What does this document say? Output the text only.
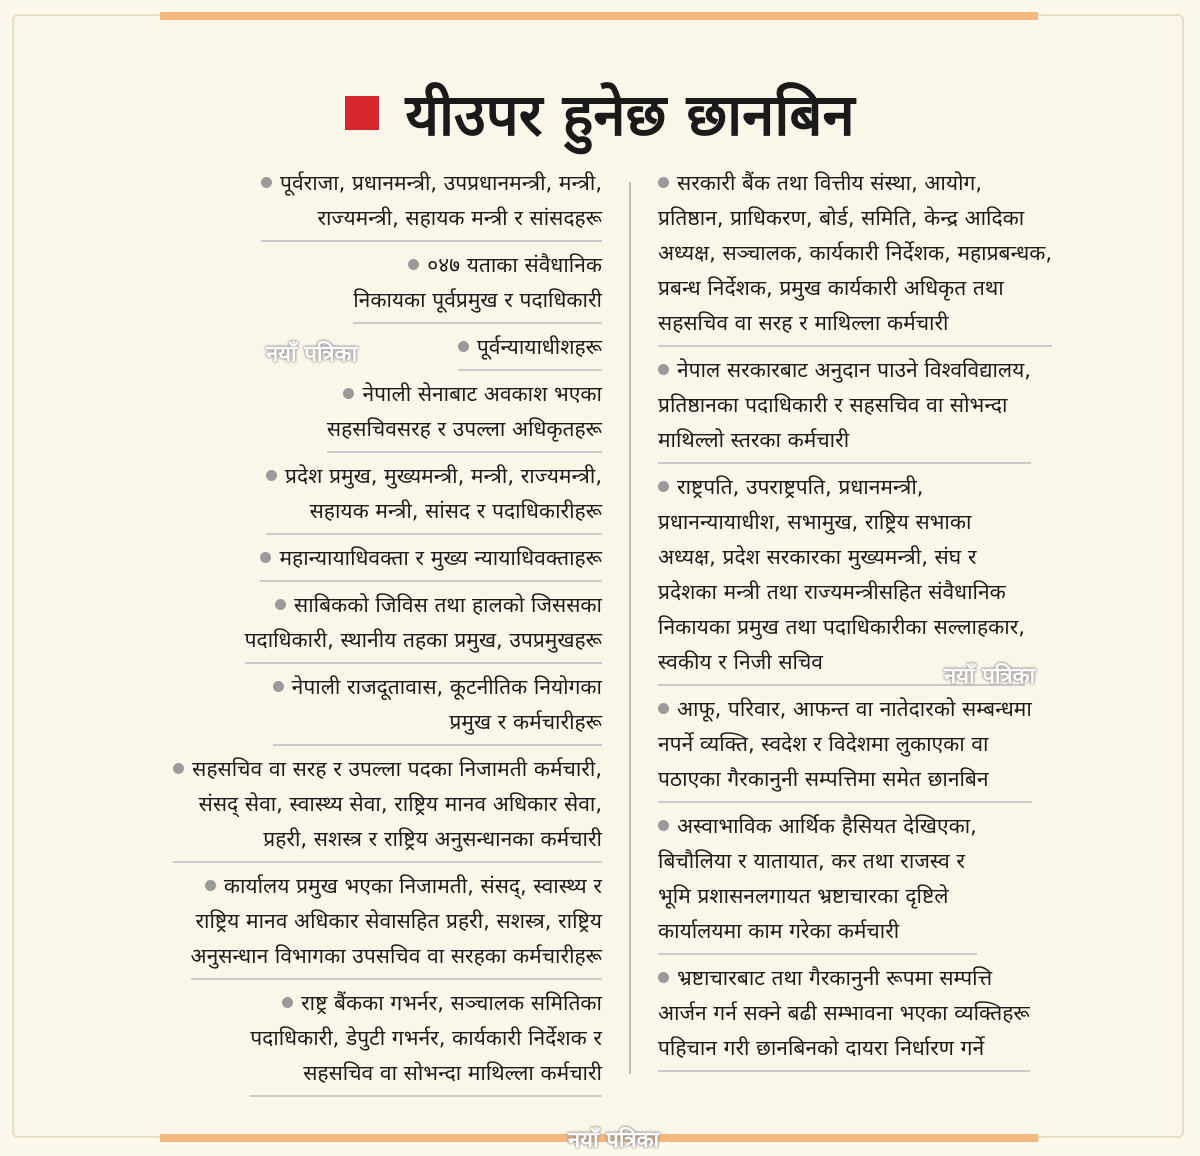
यीउपर हुनेछ छानबिन
पूर्वराजा, प्रधानमन्त्री, उपप्रधानमन्त्री, मन्त्री,
राज्यमन्त्री, सहायक मन्त्री र सांसदहरू
०४७ यताका संवैधानिक
निकायका पूर्वप्रमुख र पदाधिकारी
पूर्वन्यायाधीशहरू
नेपाली सेनाबाट अवकाश भएका
सहसचिवसरह र उपल्ला अधिकृतहरू
प्रदेश प्रमुख, मुख्यमन्त्री, मन्त्री, राज्यमन्त्री,
सहायक मन्त्री, सांसद र पदाधिकारीहरू
महान्यायाधिवक्ता र मुख्य न्यायाधिवक्ताहरू
साबिकको जिविस तथा हालको जिससका
पदाधिकारी, स्थानीय तहका प्रमुख, उपप्रमुखहरू
नेपाली राजदूतावास, कूटनीतिक नियोगका
प्रमुख र कर्मचारीहरू
सहसचिव वा सरह र उपल्ला पदका निजामती कर्मचारी,
संसद् सेवा, स्वास्थ्य सेवा, राष्ट्रिय मानव अधिकार सेवा,
प्रहरी, सशस्त्र र राष्ट्रिय अनुसन्धानका कर्मचारी
कार्यालय प्रमुख भएका निजामती, संसद्, स्वास्थ्य र
राष्ट्रिय मानव अधिकार सेवासहित प्रहरी, सशस्त्र, राष्ट्रिय
अनुसन्धान विभागका उपसचिव वा सरहका कर्मचारीहरू
राष्ट्र बैंकका गभर्नर, सञ्चालक समितिका
पदाधिकारी, डेपुटी गभर्नर, कार्यकारी निर्देशक र
सहसचिव वा सोभन्दा माथिल्ला कर्मचारी
सरकारी बैंक तथा वित्तीय संस्था, आयोग,
प्रतिष्ठान, प्राधिकरण, बोर्ड, समिति, केन्द्र आदिका
अध्यक्ष, सञ्चालक, कार्यकारी निर्देशक, महाप्रबन्धक,
प्रबन्ध निर्देशक, प्रमुख कार्यकारी अधिकृत तथा
सहसचिव वा सरह र माथिल्ला कर्मचारी
नेपाल सरकारबाट अनुदान पाउने विश्वविद्यालय,
प्रतिष्ठानका पदाधिकारी र सहसचिव वा सोभन्दा
माथिल्लो स्तरका कर्मचारी
राष्ट्रपति, उपराष्ट्रपति, प्रधानमन्त्री,
प्रधानन्यायाधीश, सभामुख, राष्ट्रिय सभाका
अध्यक्ष, प्रदेश सरकारका मुख्यमन्त्री, संघ र
प्रदेशका मन्त्री तथा राज्यमन्त्रीसहित संवैधानिक
निकायका प्रमुख तथा पदाधिकारीका सल्लाहकार,
स्वकीय र निजी सचिव
आफू, परिवार, आफन्त वा नातेदारको सम्बन्धमा
नपर्ने व्यक्ति, स्वदेश र विदेशमा लुकाएका वा
पठाएका गैरकानुनी सम्पत्तिमा समेत छानबिन
अस्वाभाविक आर्थिक हैसियत देखिएका,
बिचौलिया र यातायात, कर तथा राजस्व र
भूमि प्रशासनलगायत भ्रष्टाचारका दृष्टिले
कार्यालयमा काम गरेका कर्मचारी
भ्रष्टाचारबाट तथा गैरकानुनी रूपमा सम्पत्ति
आर्जन गर्न सक्ने बढी सम्भावना भएका व्यक्तिहरू
पहिचान गरी छानबिनको दायरा निर्धारण गर्ने
नयाँ पत्रिका
नयाँ पत्रिका
नयाँ पत्रिका
